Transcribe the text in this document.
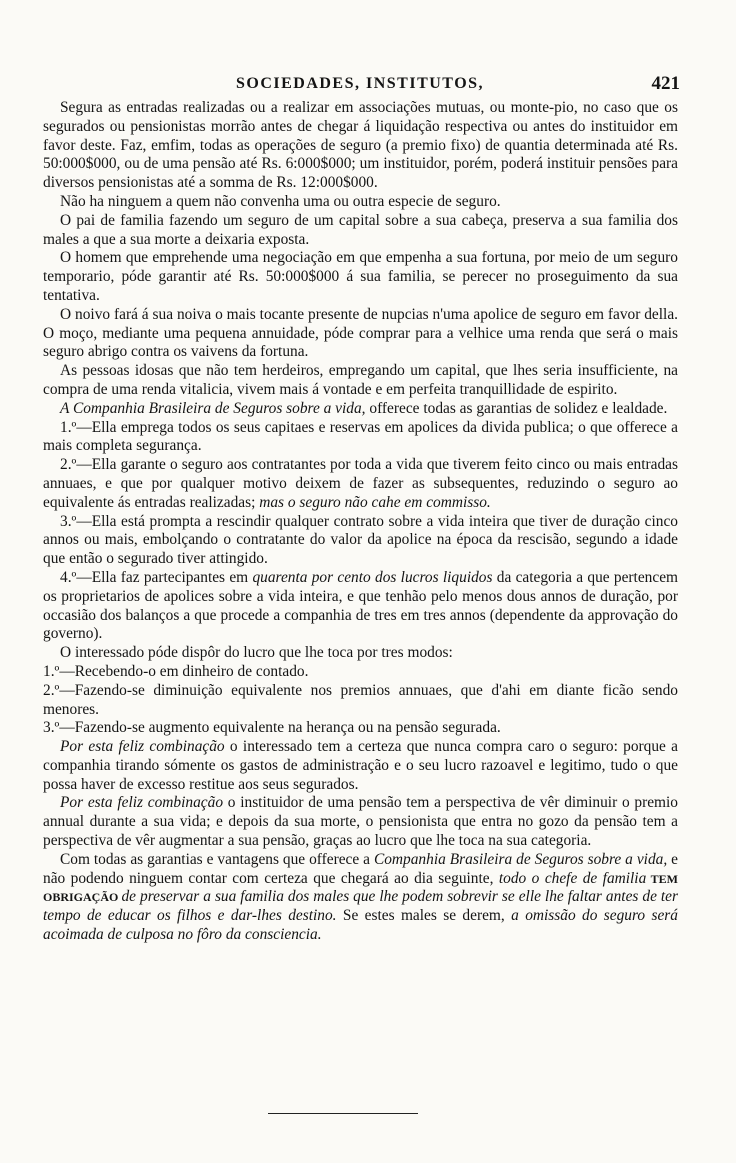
SOCIEDADES, INSTITUTOS,	421

Segura as entradas realizadas ou a realizar em associações mutuas, ou monte-pio, no caso que os segurados ou pensionistas morrão antes de chegar á liquidação respectiva ou antes do instituidor em favor deste. Faz, emfim, todas as operações de seguro (a premio fixo) de quantia determinada até Rs. 50:000$000, ou de uma pensão até Rs. 6:000$000; um instituidor, porém, poderá instituir pensões para diversos pensionistas até a somma de Rs. 12:000$000.

Não ha ninguem a quem não convenha uma ou outra especie de seguro.

O pai de familia fazendo um seguro de um capital sobre a sua cabeça, preserva a sua familia dos males a que a sua morte a deixaria exposta.

O homem que emprehende uma negociação em que empenha a sua fortuna, por meio de um seguro temporario, póde garantir até Rs. 50:000$000 á sua familia, se perecer no proseguimento da sua tentativa.

O noivo fará á sua noiva o mais tocante presente de nupcias n'uma apolice de seguro em favor della. O moço, mediante uma pequena annuidade, póde comprar para a velhice uma renda que será o mais seguro abrigo contra os vaivens da fortuna.

As pessoas idosas que não tem herdeiros, empregando um capital, que lhes seria insufficiente, na compra de uma renda vitalicia, vivem mais á vontade e em perfeita tranquillidade de espirito.

A Companhia Brasileira de Seguros sobre a vida, offerece todas as garantias de solidez e lealdade.

1.º—Ella emprega todos os seus capitaes e reservas em apolices da divida publica; o que offerece a mais completa segurança.

2.º—Ella garante o seguro aos contratantes por toda a vida que tiverem feito cinco ou mais entradas annuaes, e que por qualquer motivo deixem de fazer as subsequentes, reduzindo o seguro ao equivalente ás entradas realizadas; mas o seguro não cahe em commisso.

3.º—Ella está prompta a rescindir qualquer contrato sobre a vida inteira que tiver de duração cinco annos ou mais, embolçando o contratante do valor da apolice na época da rescisão, segundo a idade que então o segurado tiver attingido.

4.º—Ella faz partecipantes em quarenta por cento dos lucros liquidos da categoria a que pertencem os proprietarios de apolices sobre a vida inteira, e que tenhão pelo menos dous annos de duração, por occasião dos balanços a que procede a companhia de tres em tres annos (dependente da approvação do governo).

O interessado póde dispôr do lucro que lhe toca por tres modos:

1.º—Recebendo-o em dinheiro de contado.

2.º—Fazendo-se diminuição equivalente nos premios annuaes, que d'ahi em diante ficão sendo menores.

3.º—Fazendo-se augmento equivalente na herança ou na pensão segurada.

Por esta feliz combinação o interessado tem a certeza que nunca compra caro o seguro: porque a companhia tirando sómente os gastos de administração e o seu lucro razoavel e legitimo, tudo o que possa haver de excesso restitue aos seus segurados.

Por esta feliz combinação o instituidor de uma pensão tem a perspectiva de vêr diminuir o premio annual durante a sua vida; e depois da sua morte, o pensionista que entra no gozo da pensão tem a perspectiva de vêr augmentar a sua pensão, graças ao lucro que lhe toca na sua categoria.

Com todas as garantias e vantagens que offerece a Companhia Brasileira de Seguros sobre a vida, e não podendo ninguem contar com certeza que chegará ao dia seguinte, todo o chefe de familia TEM OBRIGAÇÃO de preservar a sua familia dos males que lhe podem sobrevir se elle lhe faltar antes de ter tempo de educar os filhos e dar-lhes destino. Se estes males se derem, a omissão do seguro será acoimada de culposa no fôro da consciencia.
